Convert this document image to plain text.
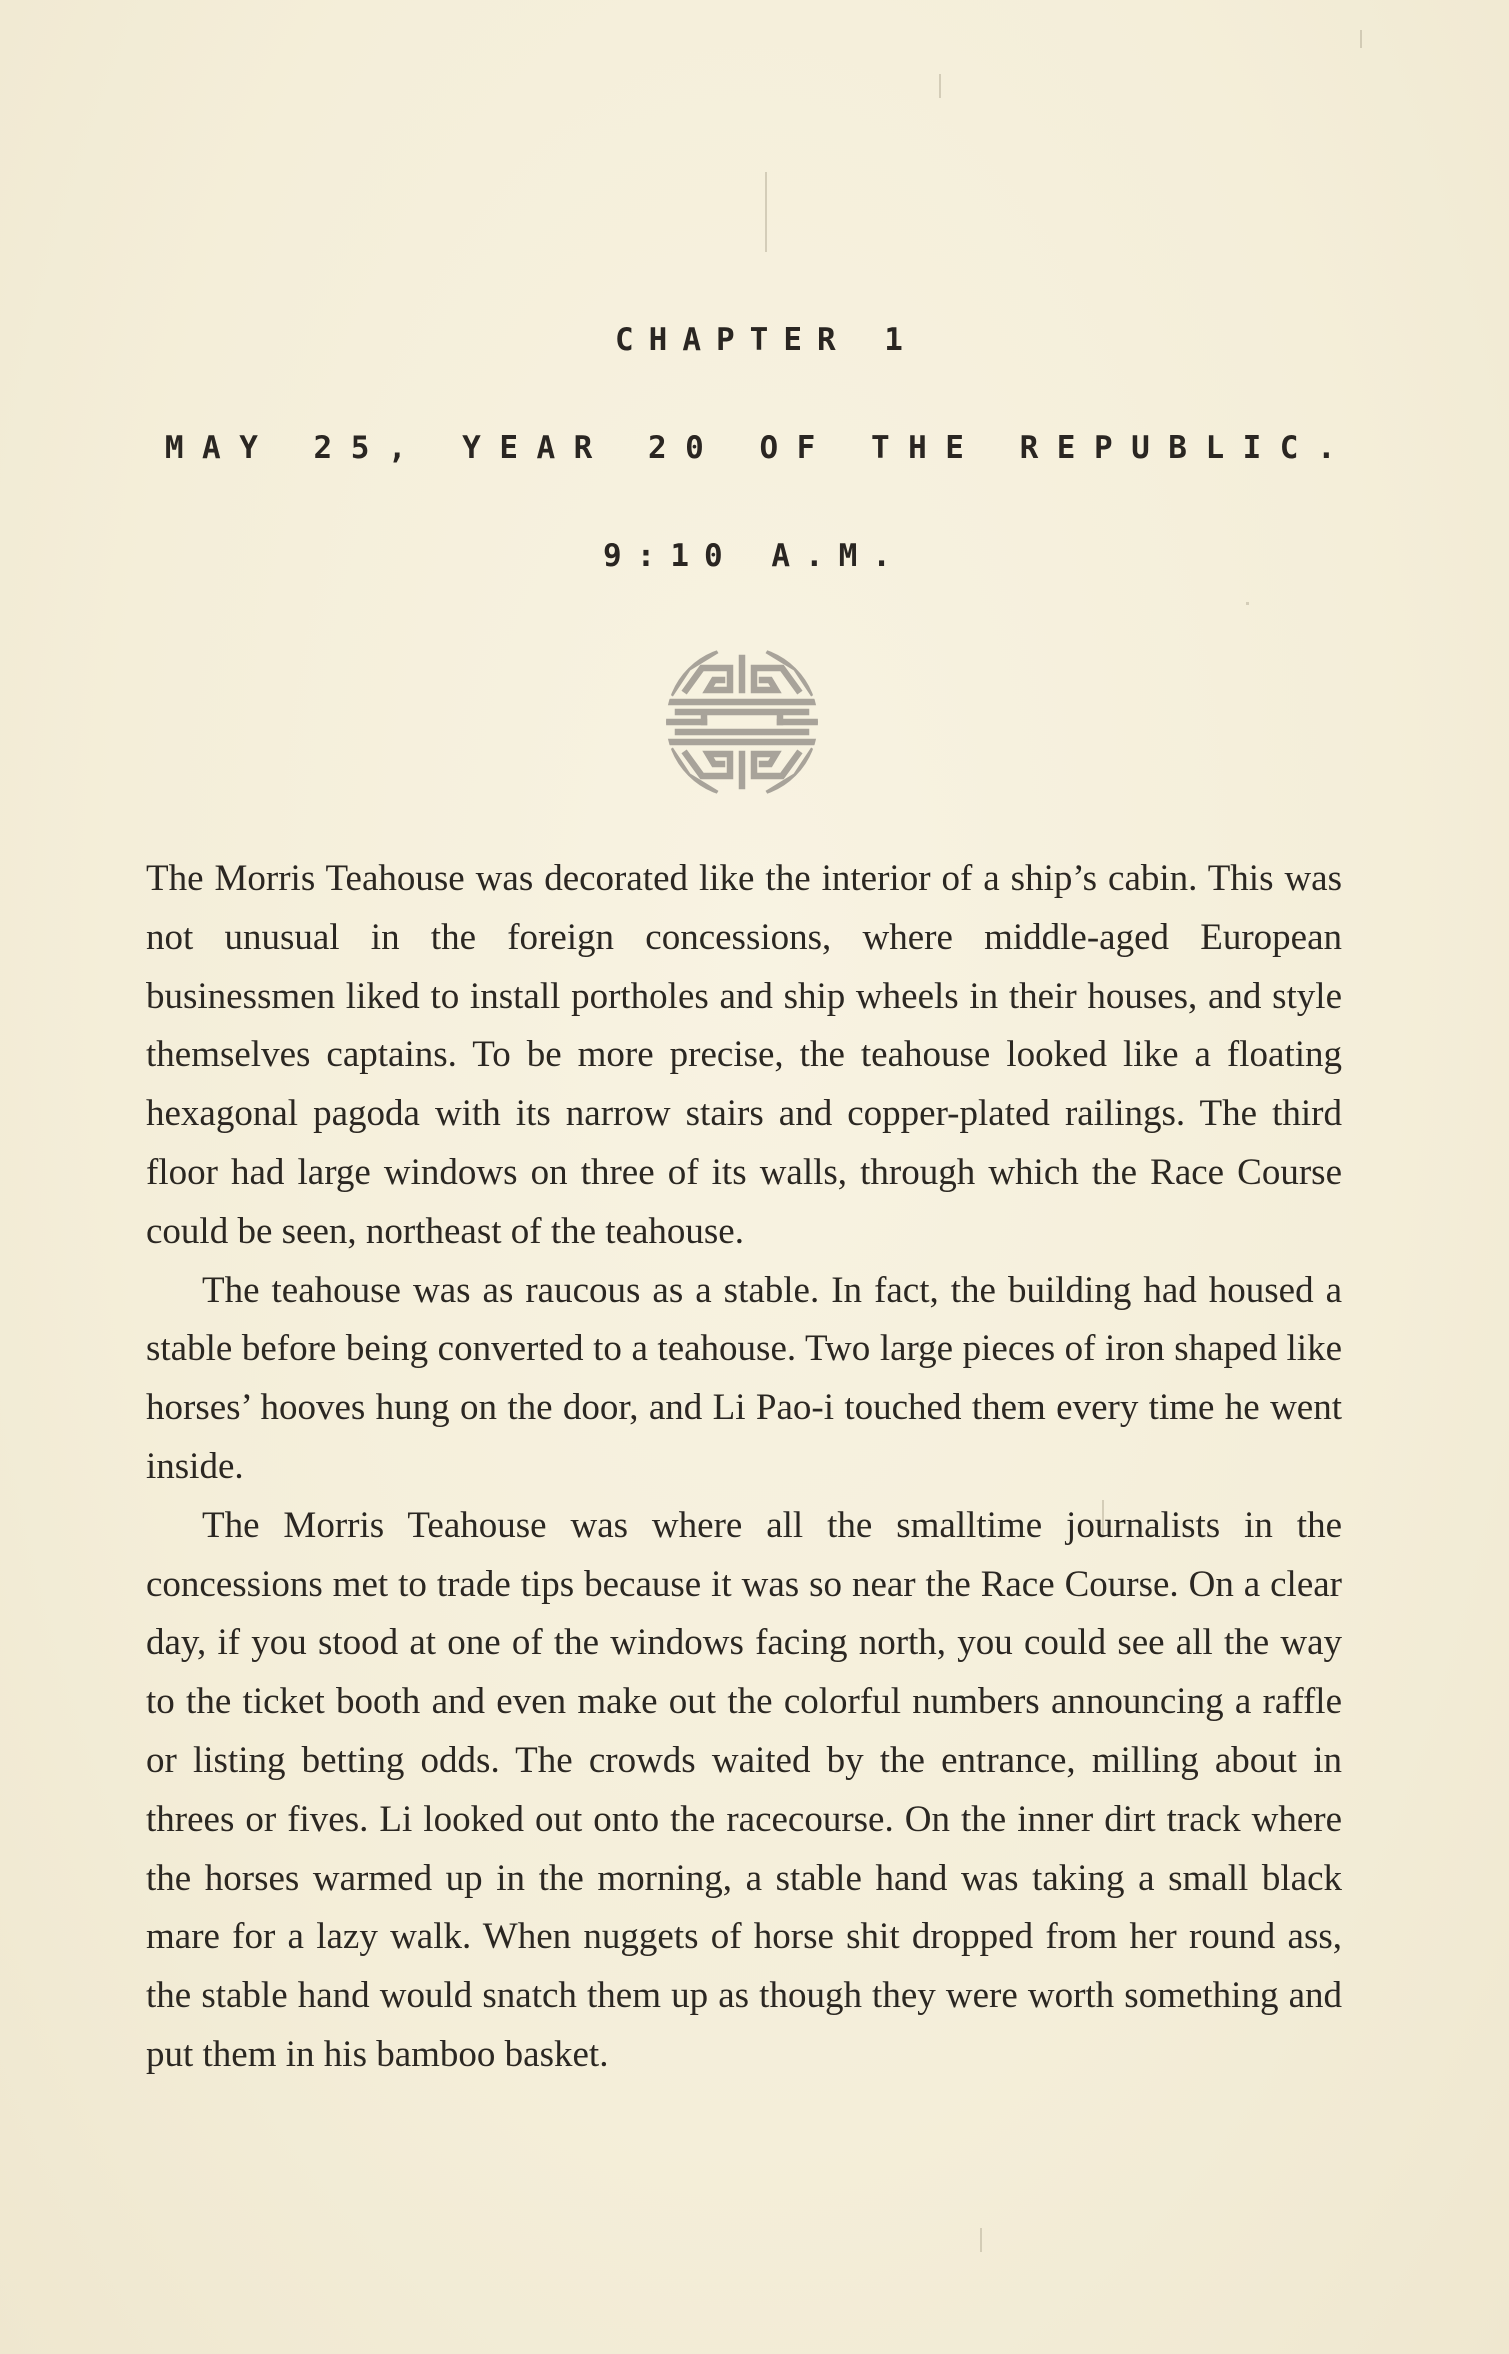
CHAPTER 1
MAY 25, YEAR 20 OF THE REPUBLIC.
9:10 A.M.

The Morris Teahouse was decorated like the interior of a ship’s cabin. This was not unusual in the foreign concessions, where middle-aged European businessmen liked to install portholes and ship wheels in their houses, and style themselves captains. To be more precise, the teahouse looked like a floating hexagonal pagoda with its narrow stairs and copper-plated railings. The third floor had large windows on three of its walls, through which the Race Course could be seen, northeast of the teahouse.

The teahouse was as raucous as a stable. In fact, the building had housed a stable before being converted to a teahouse. Two large pieces of iron shaped like horses’ hooves hung on the door, and Li Pao-i touched them every time he went inside.

The Morris Teahouse was where all the smalltime journalists in the concessions met to trade tips because it was so near the Race Course. On a clear day, if you stood at one of the windows facing north, you could see all the way to the ticket booth and even make out the colorful numbers announcing a raffle or listing betting odds. The crowds waited by the entrance, milling about in threes or fives. Li looked out onto the racecourse. On the inner dirt track where the horses warmed up in the morning, a stable hand was taking a small black mare for a lazy walk. When nuggets of horse shit dropped from her round ass, the stable hand would snatch them up as though they were worth something and put them in his bamboo basket.
